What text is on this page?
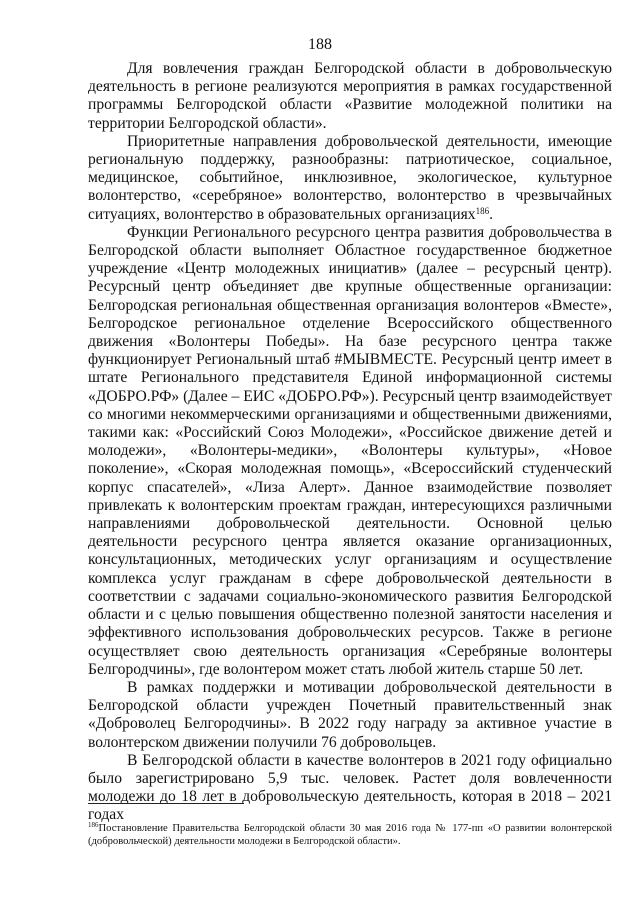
188

Для вовлечения граждан Белгородской области в добровольческую деятельность в регионе реализуются мероприятия в рамках государственной программы Белгородской области «Развитие молодежной политики на территории Белгородской области».

Приоритетные направления добровольческой деятельности, имеющие региональную поддержку, разнообразны: патриотическое, социальное, медицинское, событийное, инклюзивное, экологическое, культурное волонтерство, «серебряное» волонтерство, волонтерство в чрезвычайных ситуациях, волонтерство в образовательных организациях$^{186}$.

Функции Регионального ресурсного центра развития добровольчества в Белгородской области выполняет Областное государственное бюджетное учреждение «Центр молодежных инициатив» (далее – ресурсный центр). Ресурсный центр объединяет две крупные общественные организации: Белгородская региональная общественная организация волонтеров «Вместе», Белгородское региональное отделение Всероссийского общественного движения «Волонтеры Победы». На базе ресурсного центра также функционирует Региональный штаб #МЫВМЕСТЕ. Ресурсный центр имеет в штате Регионального представителя Единой информационной системы «ДОБРО.РФ» (Далее – ЕИС «ДОБРО.РФ»). Ресурсный центр взаимодействует со многими некоммерческими организациями и общественными движениями, такими как: «Российский Союз Молодежи», «Российское движение детей и молодежи», «Волонтеры-медики», «Волонтеры культуры», «Новое поколение», «Скорая молодежная помощь», «Всероссийский студенческий корпус спасателей», «Лиза Алерт». Данное взаимодействие позволяет привлекать к волонтерским проектам граждан, интересующихся различными направлениями добровольческой деятельности. Основной целью деятельности ресурсного центра является оказание организационных, консультационных, методических услуг организациям и осуществление комплекса услуг гражданам в сфере добровольческой деятельности в соответствии с задачами социально-экономического развития Белгородской области и с целью повышения общественно полезной занятости населения и эффективного использования добровольческих ресурсов. Также в регионе осуществляет свою деятельность организация «Серебряные волонтеры Белгородчины», где волонтером может стать любой житель старше 50 лет.

В рамках поддержки и мотивации добровольческой деятельности в Белгородской области учрежден Почетный правительственный знак «Доброволец Белгородчины». В 2022 году награду за активное участие в волонтерском движении получили 76 добровольцев.

В Белгородской области в качестве волонтеров в 2021 году официально было зарегистрировано 5,9 тыс. человек. Растет доля вовлеченности молодежи до 18 лет в добровольческую деятельность, которая в 2018 – 2021 годах

$^{186}$Постановление Правительства Белгородской области 30 мая 2016 года № 177-пп «О развитии волонтерской (добровольческой) деятельности молодежи в Белгородской области».
